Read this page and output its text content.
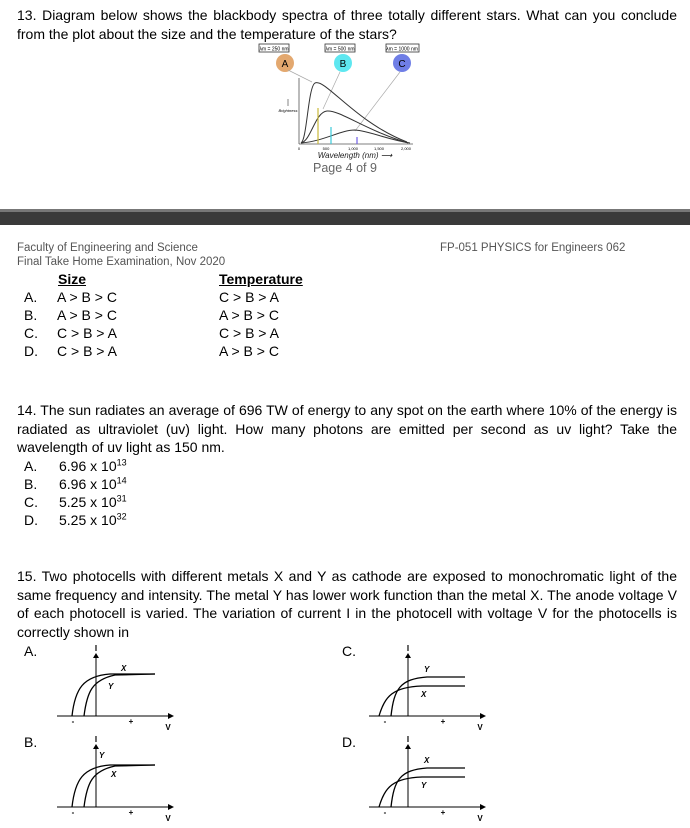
13. Diagram below shows the blackbody spectra of three totally different stars. What can you conclude from the plot about the size and the temperature of the stars?
λm = 250 nm
A
λm = 500 nm
B
λm = 1000 nm
C
Brightness
0	500	1,000	1,500	2,000
Wavelength (nm) ⟶
Page 4 of 9
Faculty of Engineering and Science
Final Take Home Examination, Nov 2020
FP-051 PHYSICS for Engineers 062
Size	Temperature
A. A > B > C	C > B > A
B. A > B > C	A > B > C
C. C > B > A	C > B > A
D. C > B > A	A > B > C
14. The sun radiates an average of 696 TW of energy to any spot on the earth where 10% of the energy is radiated as ultraviolet (uv) light. How many photons are emitted per second as uv light? Take the wavelength of uv light as 150 nm.
A. 6.96 x $10^{13}$
B. 6.96 x $10^{14}$
C. 5.25 x $10^{31}$
D. 5.25 x $10^{32}$
15. Two photocells with different metals X and Y as cathode are exposed to monochromatic light of the same frequency and intensity. The metal Y has lower work function than the metal X. The anode voltage V of each photocell is varied. The variation of current I in the photocell with voltage V for the photocells is correctly shown in
A.	C.
B.	D.
I
-	+
V
X
Y
I
-	+
V
Y
X
I
-	+
V
Y
X
I
-	+
V
X
Y
